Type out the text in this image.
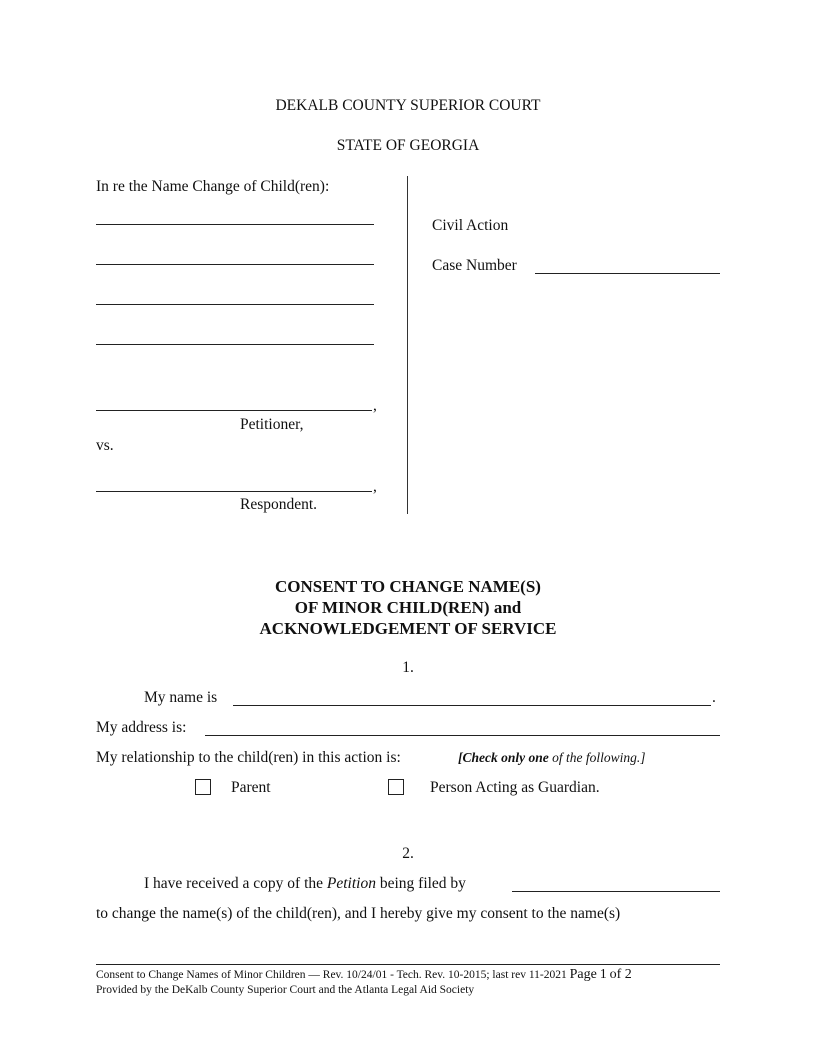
DEKALB COUNTY SUPERIOR COURT
STATE OF GEORGIA
In re the Name Change of Child(ren):
,
Petitioner,
vs.
,
Respondent.
Civil Action
Case Number
CONSENT TO CHANGE NAME(S)
OF MINOR CHILD(REN) and
ACKNOWLEDGEMENT OF SERVICE
1.
My name is	.
My address is:
My relationship to the child(ren) in this action is:	[Check only one of the following.]
Parent	Person Acting as Guardian.
2.
I have received a copy of the Petition being filed by
to change the name(s) of the child(ren), and I hereby give my consent to the name(s)
Consent to Change Names of Minor Children — Rev. 10/24/01 - Tech. Rev. 10-2015; last rev 11-2021 Page 1 of 2
Provided by the DeKalb County Superior Court and the Atlanta Legal Aid Society
